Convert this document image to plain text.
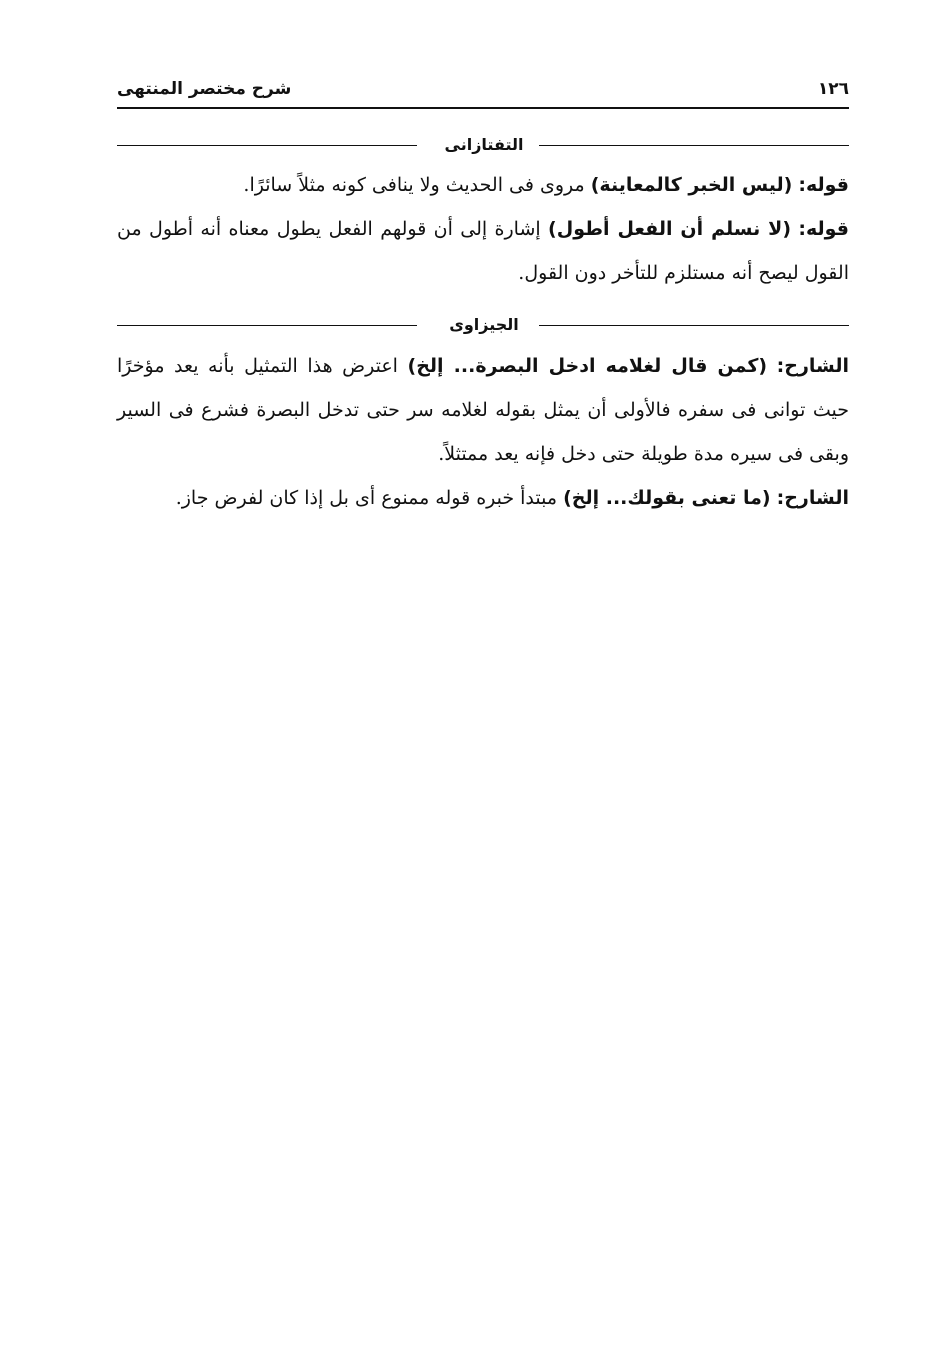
١٢٦
شرح مختصر المنتهى
التفتازانى

قوله: (ليس الخبر كالمعاينة) مروى فى الحديث ولا ينافى كونه مثلاً سائرًا.

قوله: (لا نسلم أن الفعل أطول) إشارة إلى أن قولهم الفعل يطول معناه أنه أطول من القول ليصح أنه مستلزم للتأخر دون القول.

الجيزاوى

الشارح: (كمن قال لغلامه ادخل البصرة... إلخ) اعترض هذا التمثيل بأنه يعد مؤخرًا حيث توانى فى سفره فالأولى أن يمثل بقوله لغلامه سر حتى تدخل البصرة فشرع فى السير وبقى فى سيره مدة طويلة حتى دخل فإنه يعد ممتثلاً.

الشارح: (ما تعنى بقولك... إلخ) مبتدأ خبره قوله ممنوع أى بل إذا كان لفرض جاز.
